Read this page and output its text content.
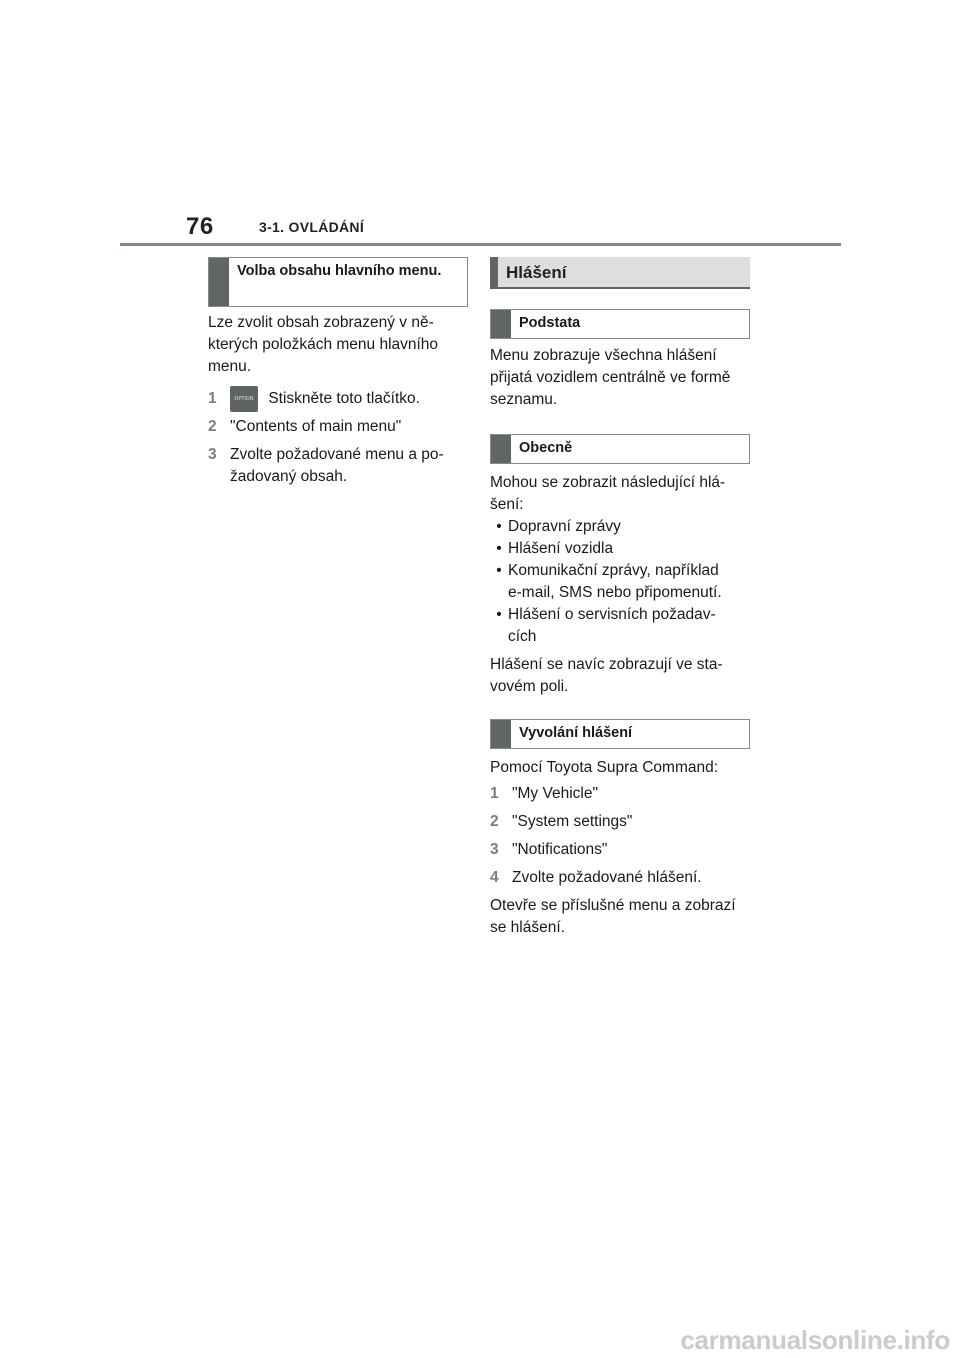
76	3-1. OVLÁDÁNÍ
Volba obsahu hlavního menu.

Lze zvolit obsah zobrazený v ně-

kterých položkách menu hlavního

menu.

1	OPTION Stiskněte toto tlačítko.
2 "Contents of main menu"
3 Zvolte požadované menu a po-

žadovaný obsah.

Hlášení
Podstata

Menu zobrazuje všechna hlášení

přijatá vozidlem centrálně ve formě

seznamu.

Obecně

Mohou se zobrazit následující hlá-

šení:

• Dopravní zprávy
• Hlášení vozidla
• Komunikační zprávy, například

e-mail, SMS nebo připomenutí.

• Hlášení o servisních požadav-

cích

Hlášení se navíc zobrazují ve sta-

vovém poli.

Vyvolání hlášení

Pomocí Toyota Supra Command:

1 "My Vehicle"
2 "System settings"
3 "Notifications"
4 Zvolte požadované hlášení.

Otevře se příslušné menu a zobrazí

se hlášení.

carmanualsonline.info
